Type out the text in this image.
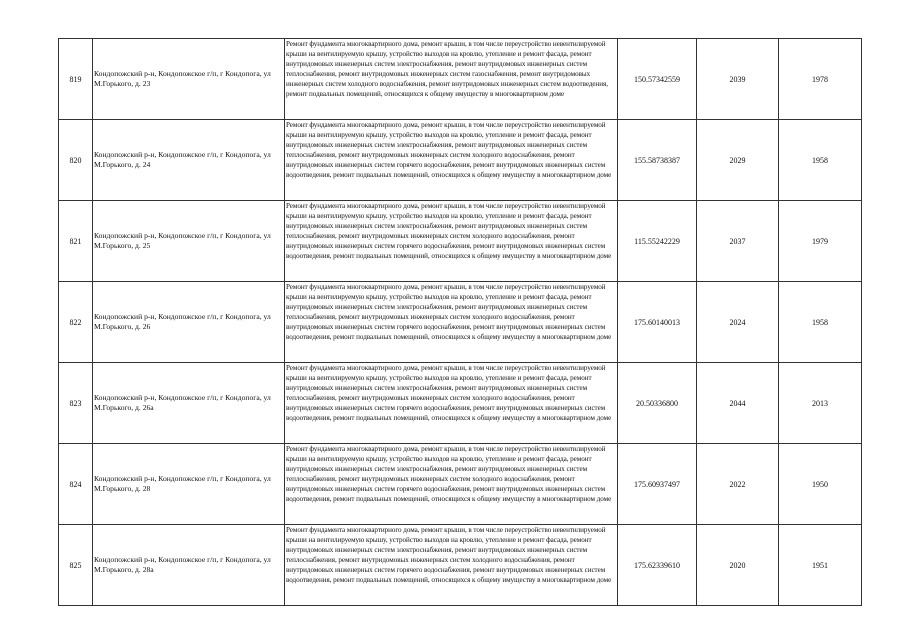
819	Кондопожский р-н, Кондопожское г/п, г Кондопога, ул М.Горького, д. 23	Ремонт фундамента многоквартирного дома, ремонт крыши, в том числе переустройство невентилируемой крыши на вентилируемую крышу, устройство выходов на кровлю, утепление и ремонт фасада, ремонт внутридомовых инженерных систем электроснабжения, ремонт внутридомовых инженерных систем теплоснабжения, ремонт внутридомовых инженерных систем газоснабжения, ремонт внутридомовых инженерных систем холодного водоснабжения, ремонт внутридомовых инженерных систем водоотведения, ремонт подвальных помещений, относящихся к общему имуществу в многоквартирном доме	150.57342559	2039	1978
820	Кондопожский р-н, Кондопожское г/п, г Кондопога, ул М.Горького, д. 24	Ремонт фундамента многоквартирного дома, ремонт крыши, в том числе переустройство невентилируемой крыши на вентилируемую крышу, устройство выходов на кровлю, утепление и ремонт фасада, ремонт внутридомовых инженерных систем электроснабжения, ремонт внутридомовых инженерных систем теплоснабжения, ремонт внутридомовых инженерных систем холодного водоснабжения, ремонт внутридомовых инженерных систем горячего водоснабжения, ремонт внутридомовых инженерных систем водоотведения, ремонт подвальных помещений, относящихся к общему имуществу в многоквартирном доме	155.58738387	2029	1958
821	Кондопожский р-н, Кондопожское г/п, г Кондопога, ул М.Горького, д. 25	Ремонт фундамента многоквартирного дома, ремонт крыши, в том числе переустройство невентилируемой крыши на вентилируемую крышу, устройство выходов на кровлю, утепление и ремонт фасада, ремонт внутридомовых инженерных систем электроснабжения, ремонт внутридомовых инженерных систем теплоснабжения, ремонт внутридомовых инженерных систем холодного водоснабжения, ремонт внутридомовых инженерных систем горячего водоснабжения, ремонт внутридомовых инженерных систем водоотведения, ремонт подвальных помещений, относящихся к общему имуществу в многоквартирном доме	115.55242229	2037	1979
822	Кондопожский р-н, Кондопожское г/п, г Кондопога, ул М.Горького, д. 26	Ремонт фундамента многоквартирного дома, ремонт крыши, в том числе переустройство невентилируемой крыши на вентилируемую крышу, устройство выходов на кровлю, утепление и ремонт фасада, ремонт внутридомовых инженерных систем электроснабжения, ремонт внутридомовых инженерных систем теплоснабжения, ремонт внутридомовых инженерных систем холодного водоснабжения, ремонт внутридомовых инженерных систем горячего водоснабжения, ремонт внутридомовых инженерных систем водоотведения, ремонт подвальных помещений, относящихся к общему имуществу в многоквартирном доме	175.60140013	2024	1958
823	Кондопожский р-н, Кондопожское г/п, г Кондопога, ул М.Горького, д. 26а	Ремонт фундамента многоквартирного дома, ремонт крыши, в том числе переустройство невентилируемой крыши на вентилируемую крышу, устройство выходов на кровлю, утепление и ремонт фасада, ремонт внутридомовых инженерных систем электроснабжения, ремонт внутридомовых инженерных систем теплоснабжения, ремонт внутридомовых инженерных систем холодного водоснабжения, ремонт внутридомовых инженерных систем горячего водоснабжения, ремонт внутридомовых инженерных систем водоотведения, ремонт подвальных помещений, относящихся к общему имуществу в многоквартирном доме	20.50336800	2044	2013
824	Кондопожский р-н, Кондопожское г/п, г Кондопога, ул М.Горького, д. 28	Ремонт фундамента многоквартирного дома, ремонт крыши, в том числе переустройство невентилируемой крыши на вентилируемую крышу, устройство выходов на кровлю, утепление и ремонт фасада, ремонт внутридомовых инженерных систем электроснабжения, ремонт внутридомовых инженерных систем теплоснабжения, ремонт внутридомовых инженерных систем холодного водоснабжения, ремонт внутридомовых инженерных систем горячего водоснабжения, ремонт внутридомовых инженерных систем водоотведения, ремонт подвальных помещений, относящихся к общему имуществу в многоквартирном доме	175.60937497	2022	1950
825	Кондопожский р-н, Кондопожское г/п, г Кондопога, ул М.Горького, д. 28а	Ремонт фундамента многоквартирного дома, ремонт крыши, в том числе переустройство невентилируемой крыши на вентилируемую крышу, устройство выходов на кровлю, утепление и ремонт фасада, ремонт внутридомовых инженерных систем электроснабжения, ремонт внутридомовых инженерных систем теплоснабжения, ремонт внутридомовых инженерных систем холодного водоснабжения, ремонт внутридомовых инженерных систем горячего водоснабжения, ремонт внутридомовых инженерных систем водоотведения, ремонт подвальных помещений, относящихся к общему имуществу в многоквартирном доме	175.62339610	2020	1951
